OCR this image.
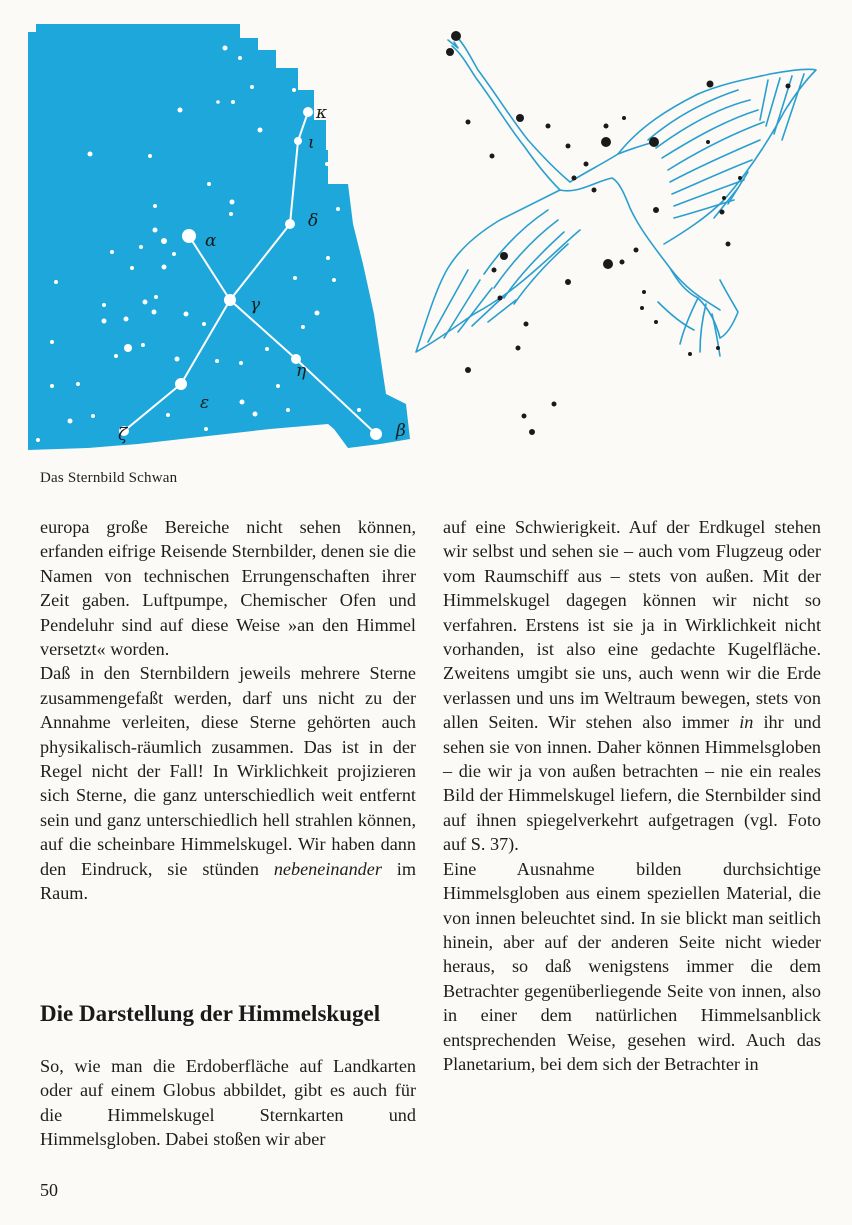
α
γ
δ
ι
κ
η
β
ε
ζ
Das Sternbild Schwan

europa große Bereiche nicht sehen können, erfanden eifrige Reisende Sternbilder, denen sie die Namen von technischen Errungenschaften ihrer Zeit gaben. Luftpumpe, Chemischer Ofen und Pendeluhr sind auf diese Weise »an den Himmel versetzt« worden.

Daß in den Sternbildern jeweils mehrere Sterne zusammengefaßt werden, darf uns nicht zu der Annahme verleiten, diese Sterne gehörten auch physikalisch-räumlich zusammen. Das ist in der Regel nicht der Fall! In Wirklichkeit projizieren sich Sterne, die ganz unterschiedlich weit entfernt sein und ganz unterschiedlich hell strahlen können, auf die scheinbare Himmelskugel. Wir haben dann den Eindruck, sie stünden nebeneinander im Raum.

Die Darstellung der Himmelskugel

So, wie man die Erdoberfläche auf Landkarten oder auf einem Globus abbildet, gibt es auch für die Himmelskugel Sternkarten und Himmelsgloben. Dabei stoßen wir aber

auf eine Schwierigkeit. Auf der Erdkugel stehen wir selbst und sehen sie – auch vom Flugzeug oder vom Raumschiff aus – stets von außen. Mit der Himmelskugel dagegen können wir nicht so verfahren. Erstens ist sie ja in Wirklichkeit nicht vorhanden, ist also eine gedachte Kugelfläche. Zweitens umgibt sie uns, auch wenn wir die Erde verlassen und uns im Weltraum bewegen, stets von allen Seiten. Wir stehen also immer in ihr und sehen sie von innen. Daher können Himmelsgloben – die wir ja von außen betrachten – nie ein reales Bild der Himmelskugel liefern, die Sternbilder sind auf ihnen spiegelverkehrt aufgetragen (vgl. Foto auf S. 37).

Eine Ausnahme bilden durchsichtige Himmelsgloben aus einem speziellen Material, die von innen beleuchtet sind. In sie blickt man seitlich hinein, aber auf der anderen Seite nicht wieder heraus, so daß wenigstens immer die dem Betrachter gegenüberliegende Seite von innen, also in einer dem natürlichen Himmelsanblick entsprechenden Weise, gesehen wird. Auch das Planetarium, bei dem sich der Betrachter in

50
